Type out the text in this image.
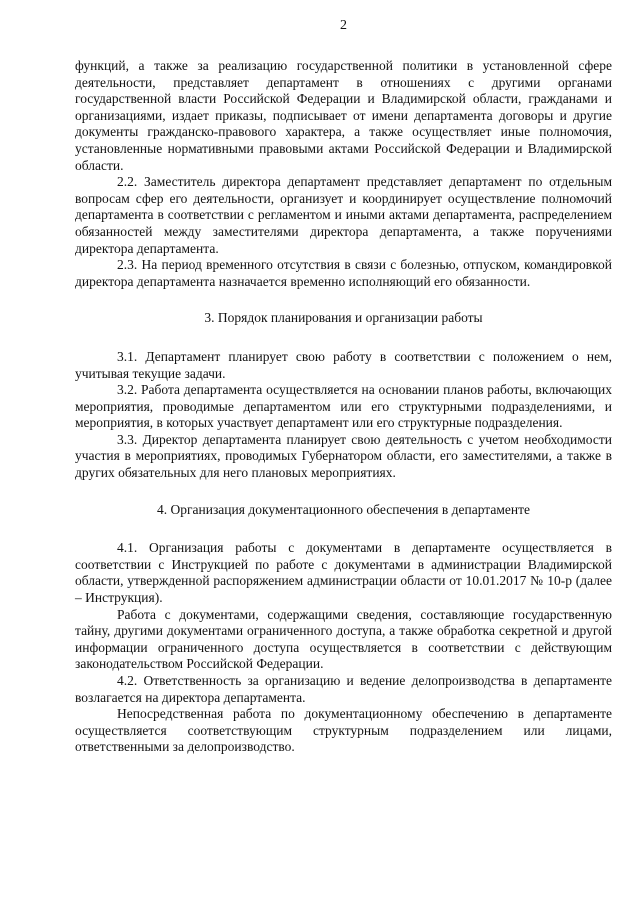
2

функций, а также за реализацию государственной политики в установленной сфере деятельности, представляет департамент в отношениях с другими органами государственной власти Российской Федерации и Владимирской области, гражданами и организациями, издает приказы, подписывает от имени департамента договоры и другие документы гражданско-правового характера, а также осуществляет иные полномочия, установленные нормативными правовыми актами Российской Федерации и Владимирской области.

2.2. Заместитель директора департамент представляет департамент по отдельным вопросам сфер его деятельности, организует и координирует осуществление полномочий департамента в соответствии с регламентом и иными актами департамента, распределением обязанностей между заместителями директора департамента, а также поручениями директора департамента.

2.3. На период временного отсутствия в связи с болезнью, отпуском, командировкой директора департамента назначается временно исполняющий его обязанности.

3. Порядок планирования и организации работы

3.1. Департамент планирует свою работу в соответствии с положением о нем, учитывая текущие задачи.

3.2. Работа департамента осуществляется на основании планов работы, включающих мероприятия, проводимые департаментом или его структурными подразделениями, и мероприятия, в которых участвует департамент или его структурные подразделения.

3.3. Директор департамента планирует свою деятельность с учетом необходимости участия в мероприятиях, проводимых Губернатором области, его заместителями, а также в других обязательных для него плановых мероприятиях.

4. Организация документационного обеспечения в департаменте

4.1. Организация работы с документами в департаменте осуществляется в соответствии с Инструкцией по работе с документами в администрации Владимирской области, утвержденной распоряжением администрации области от 10.01.2017 № 10-р (далее – Инструкция).

Работа с документами, содержащими сведения, составляющие государственную тайну, другими документами ограниченного доступа, а также обработка секретной и другой информации ограниченного доступа осуществляется в соответствии с действующим законодательством Российской Федерации.

4.2. Ответственность за организацию и ведение делопроизводства в департаменте возлагается на директора департамента.

Непосредственная работа по документационному обеспечению в департаменте осуществляется соответствующим структурным подразделением или лицами, ответственными за делопроизводство.
